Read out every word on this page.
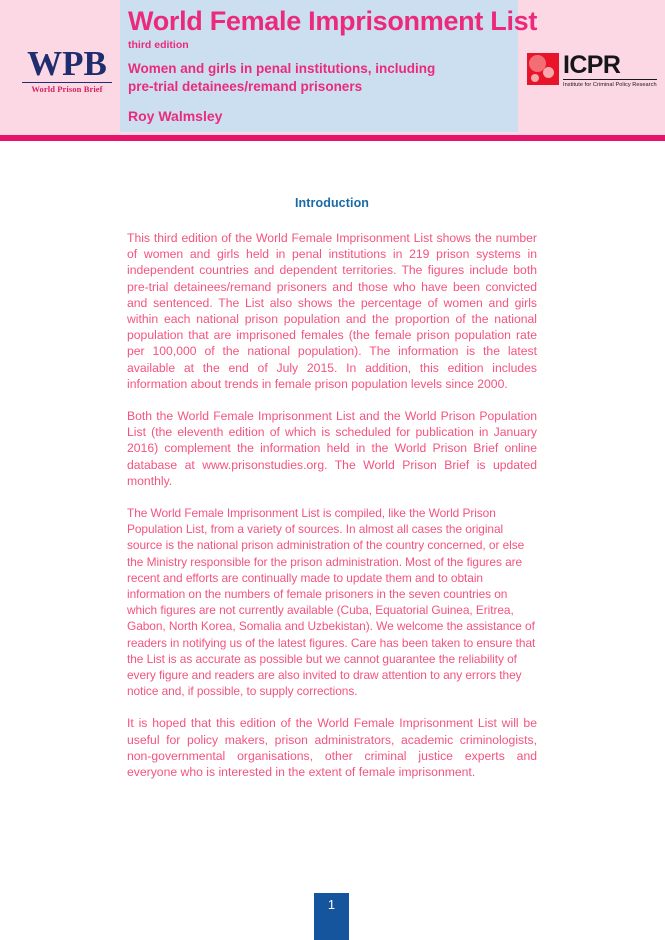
WPB
World Prison Brief
World Female Imprisonment List
third edition
Women and girls in penal institutions, including
pre-trial detainees/remand prisoners
Roy Walmsley
ICPR
Institute for Criminal Policy Research
Introduction

This third edition of the World Female Imprisonment List shows the number of women and girls held in penal institutions in 219 prison systems in independent countries and dependent territories. The figures include both pre-trial detainees/remand prisoners and those who have been convicted and sentenced. The List also shows the percentage of women and girls within each national prison population and the proportion of the national population that are imprisoned females (the female prison population rate per 100,000 of the national population). The information is the latest available at the end of July 2015. In addition, this edition includes information about trends in female prison population levels since 2000.

Both the World Female Imprisonment List and the World Prison Population List (the eleventh edition of which is scheduled for publication in January 2016) complement the information held in the World Prison Brief online database at www.prisonstudies.org. The World Prison Brief is updated monthly.

The World Female Imprisonment List is compiled, like the World Prison Population List, from a variety of sources. In almost all cases the original source is the national prison administration of the country concerned, or else the Ministry responsible for the prison administration. Most of the figures are recent and efforts are continually made to update them and to obtain information on the numbers of female prisoners in the seven countries on which figures are not currently available (Cuba, Equatorial Guinea, Eritrea, Gabon, North Korea, Somalia and Uzbekistan). We welcome the assistance of readers in notifying us of the latest figures. Care has been taken to ensure that the List is as accurate as possible but we cannot guarantee the reliability of every figure and readers are also invited to draw attention to any errors they notice and, if possible, to supply corrections.

It is hoped that this edition of the World Female Imprisonment List will be useful for policy makers, prison administrators, academic criminologists, non-governmental organisations, other criminal justice experts and everyone who is interested in the extent of female imprisonment.

1
